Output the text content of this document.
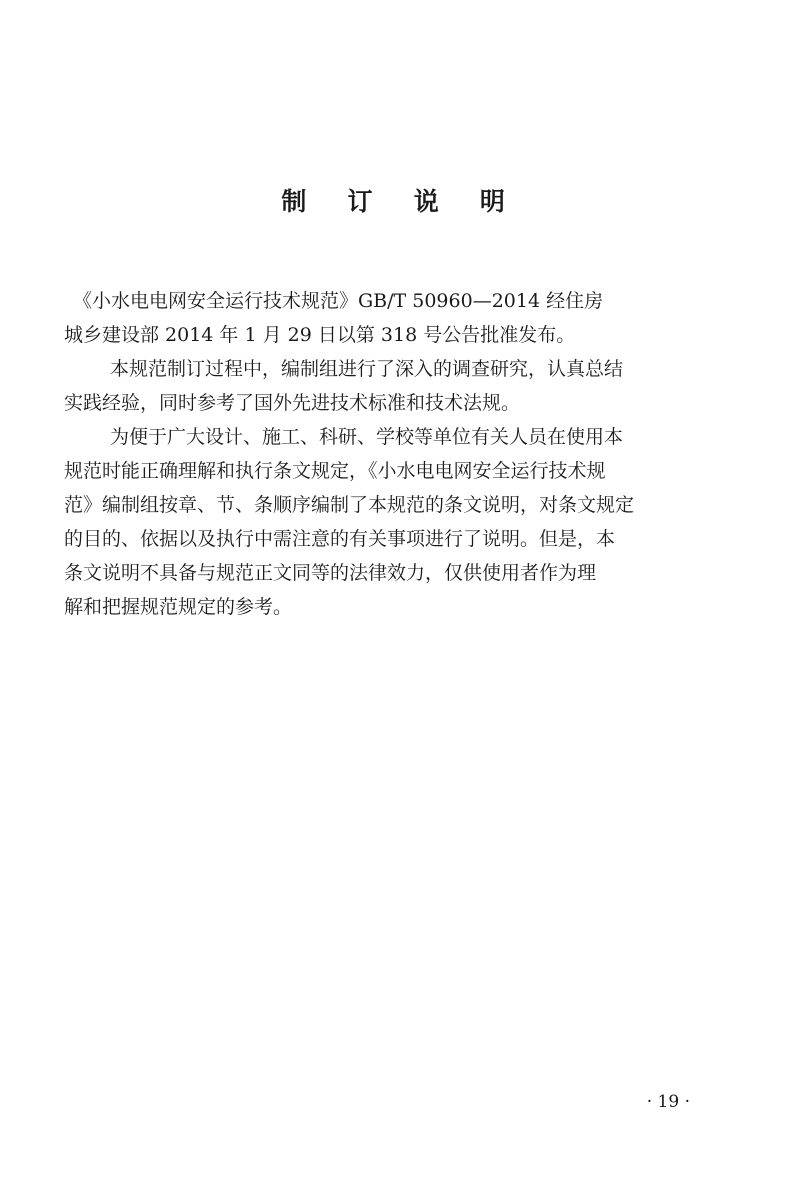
制 订 说 明
《小水电电网安全运行技术规范》GB/T 50960—2014 经住房
城乡建设部 2014 年 1 月 29 日以第 318 号公告批准发布。
本规范制订过程中，编制组进行了深入的调查研究，认真总结
实践经验，同时参考了国外先进技术标准和技术法规。
为便于广大设计、施工、科研、学校等单位有关人员在使用本
规范时能正确理解和执行条文规定，《小水电电网安全运行技术规
范》编制组按章、节、条顺序编制了本规范的条文说明，对条文规定
的目的、依据以及执行中需注意的有关事项进行了说明。但是，本
条文说明不具备与规范正文同等的法律效力，仅供使用者作为理
解和把握规范规定的参考。
· 19 ·
